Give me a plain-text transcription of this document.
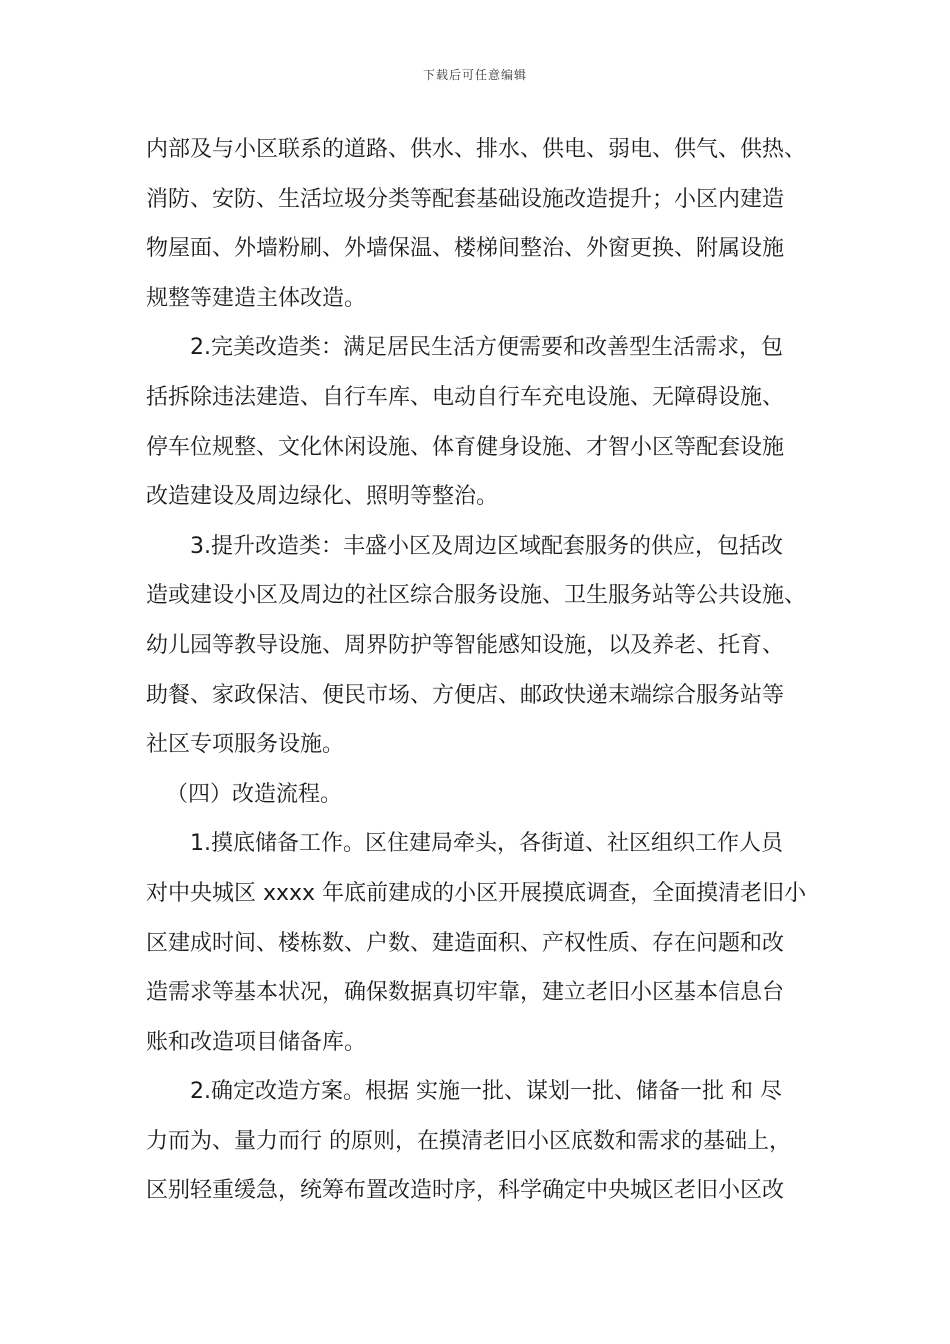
下载后可任意编辑
内部及与小区联系的道路、供水、排水、供电、弱电、供气、供热、
消防、安防、生活垃圾分类等配套基础设施改造提升；小区内建造
物屋面、外墙粉刷、外墙保温、楼梯间整治、外窗更换、附属设施
规整等建造主体改造。
2.完美改造类：满足居民生活方便需要和改善型生活需求，包
括拆除违法建造、自行车库、电动自行车充电设施、无障碍设施、
停车位规整、文化休闲设施、体育健身设施、才智小区等配套设施
改造建设及周边绿化、照明等整治。
3.提升改造类：丰盛小区及周边区域配套服务的供应，包括改
造或建设小区及周边的社区综合服务设施、卫生服务站等公共设施、
幼儿园等教导设施、周界防护等智能感知设施，以及养老、托育、
助餐、家政保洁、便民市场、方便店、邮政快递末端综合服务站等
社区专项服务设施。
（四）改造流程。
1.摸底储备工作。区住建局牵头，各街道、社区组织工作人员
对中央城区 xxxx 年底前建成的小区开展摸底调查，全面摸清老旧小
区建成时间、楼栋数、户数、建造面积、产权性质、存在问题和改
造需求等基本状况，确保数据真切牢靠，建立老旧小区基本信息台
账和改造项目储备库。
2.确定改造方案。根据 实施一批、谋划一批、储备一批 和 尽
力而为、量力而行 的原则，在摸清老旧小区底数和需求的基础上，
区别轻重缓急，统筹布置改造时序，科学确定中央城区老旧小区改
